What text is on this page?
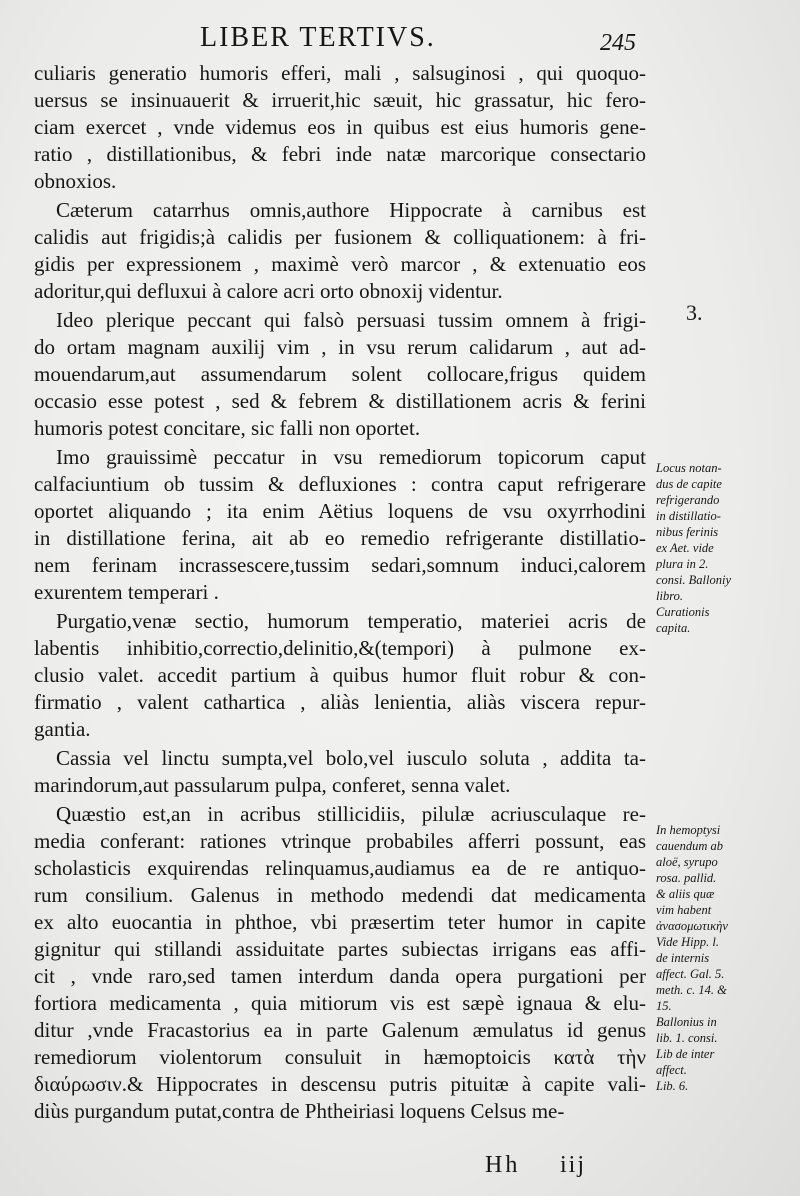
LIBER TERTIVS.	245
culiaris generatio humoris efferi, mali , salsuginosi , qui quoquo-
uersus se insinuauerit & irruerit,hic sæuit, hic grassatur, hic fero-
ciam exercet , vnde videmus eos in quibus est eius humoris gene-
ratio , distillationibus, & febri inde natæ marcorique consectario
obnoxios.
Cæterum catarrhus omnis,authore Hippocrate à carnibus est
calidis aut frigidis;à calidis per fusionem & colliquationem: à fri-
gidis per expressionem , maximè verò marcor , & extenuatio eos
adoritur,qui defluxui à calore acri orto obnoxij videntur.
Ideo plerique peccant qui falsò persuasi tussim omnem à frigi-
do ortam magnam auxilij vim , in vsu rerum calidarum , aut ad-
mouendarum,aut assumendarum solent collocare,frigus quidem
occasio esse potest , sed & febrem & distillationem acris & ferini
humoris potest concitare, sic falli non oportet.
Imo grauissimè peccatur in vsu remediorum topicorum caput
calfaciuntium ob tussim & defluxiones : contra caput refrigerare
oportet aliquando ; ita enim Aëtius loquens de vsu oxyrrhodini
in distillatione ferina, ait ab eo remedio refrigerante distillatio-
nem ferinam incrassescere,tussim sedari,somnum induci,calorem
exurentem temperari .
Purgatio,venæ sectio, humorum temperatio, materiei acris de
labentis inhibitio,correctio,delinitio,&(tempori) à pulmone ex-
clusio valet. accedit partium à quibus humor fluit robur & con-
firmatio , valent cathartica , aliàs lenientia, aliàs viscera repur-
gantia.
Cassia vel linctu sumpta,vel bolo,vel iusculo soluta , addita ta-
marindorum,aut passularum pulpa, conferet, senna valet.
Quæstio est,an in acribus stillicidiis, pilulæ acriusculaque re-
media conferant: rationes vtrinque probabiles afferri possunt, eas
scholasticis exquirendas relinquamus,audiamus ea de re antiquo-
rum consilium. Galenus in methodo medendi dat medicamenta
ex alto euocantia in phthoe, vbi præsertim teter humor in capite
gignitur qui stillandi assiduitate partes subiectas irrigans eas affi-
cit , vnde raro,sed tamen interdum danda opera purgationi per
fortiora medicamenta , quia mitiorum vis est sæpè ignaua & elu-
ditur ,vnde Fracastorius ea in parte Galenum æmulatus id genus
remediorum violentorum consuluit in hæmoptoicis κατὰ τὴν
διαύρωσιν.& Hippocrates in descensu putris pituitæ à capite vali-
diùs purgandum putat,contra de Phtheiriasi loquens Celsus me-
3.
Locus notan-
dus de capite
refrigerando
in distillatio-
nibus ferinis
ex Aet. vide
plura in 2.
consi. Balloniy
libro.
Curationis
capita.
In hemoptysi
cauendum ab
aloë, syrupo
rosa. pallid.
& aliis quæ
vim habent
ἀνασομωτικὴν
Vide Hipp. l.
de internis
affect. Gal. 5.
meth. c. 14. &
15.
Ballonius in
lib. 1. consi.
Lib de inter
affect.
Lib. 6.
Hh iij
